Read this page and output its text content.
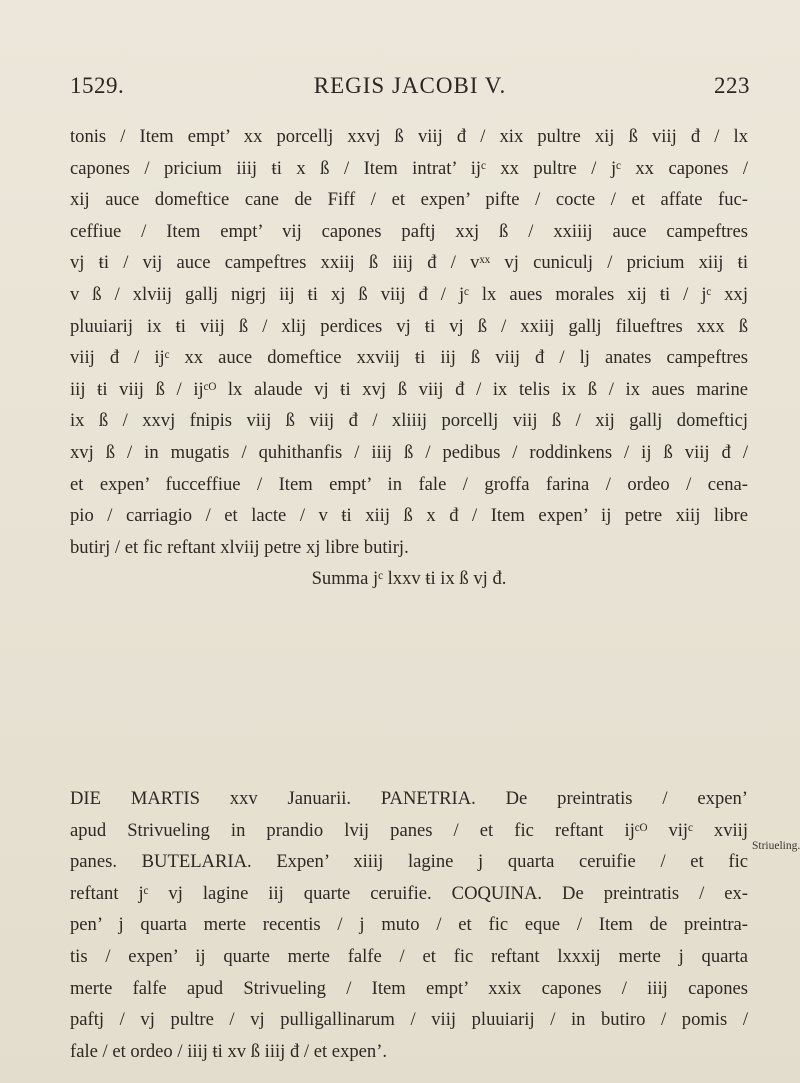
1529.	REGIS JACOBI V.	223
tonis / Item empt’ xx porcellj xxvj ß viij đ / xix pultre xij ß viij đ / lx
capones / pricium iiij ŧi x ß / Item intrat’ ijᶜ xx pultre / jᶜ xx capones /
xij auce domeftice cane de Fiff / et expen’ pifte / cocte / et affate fuc-
ceffiue / Item empt’ vij capones paftj xxj ß / xxiiij auce campeftres
vj ŧi / vij auce campeftres xxiij ß iiij đ / vˣˣ vj cuniculj / pricium xiij ŧi
v ß / xlviij gallj nigrj iij ŧi xj ß viij đ / jᶜ lx aues morales xij ŧi / jᶜ xxj
pluuiarij ix ŧi viij ß / xlij perdices vj ŧi vj ß / xxiij gallj filueftres xxx ß
viij đ / ijᶜ xx auce domeftice xxviij ŧi iij ß viij đ / lj anates campeftres
iij ŧi viij ß / ijᶜᴼ lx alaude vj ŧi xvj ß viij đ / ix telis ix ß / ix aues marine
ix ß / xxvj fnipis viij ß viij đ / xliiij porcellj viij ß / xij gallj domefticj
xvj ß / in mugatis / quhithanfis / iiij ß / pedibus / roddinkens / ij ß viij đ /
et expen’ fucceffiue / Item empt’ in fale / groffa farina / ordeo / cena-
pio / carriagio / et lacte / v ŧi xiij ß x đ / Item expen’ ij petre xiij libre
butirj / et fic reftant xlviij petre xj libre butirj.
Summa jᶜ lxxv ŧi ix ß vj đ.
DIE MARTIS xxv Januarii. PANETRIA. De preintratis / expen’
apud Strivueling in prandio lvij panes / et fic reftant ijᶜᴼ vijᶜ xviij
panes. BUTELARIA. Expen’ xiiij lagine j quarta ceruifie / et fic
reftant jᶜ vj lagine iij quarte ceruifie. COQUINA. De preintratis / ex-
pen’ j quarta merte recentis / j muto / et fic eque / Item de preintra-
tis / expen’ ij quarte merte falfe / et fic reftant lxxxij merte j quarta
merte falfe apud Strivueling / Item empt’ xxix capones / iiij capones
paftj / vj pultre / vj pulligallinarum / viij pluuiarij / in butiro / pomis /
fale / et ordeo / iiij ŧi xv ß iiij đ / et expen’.
Striueling.
